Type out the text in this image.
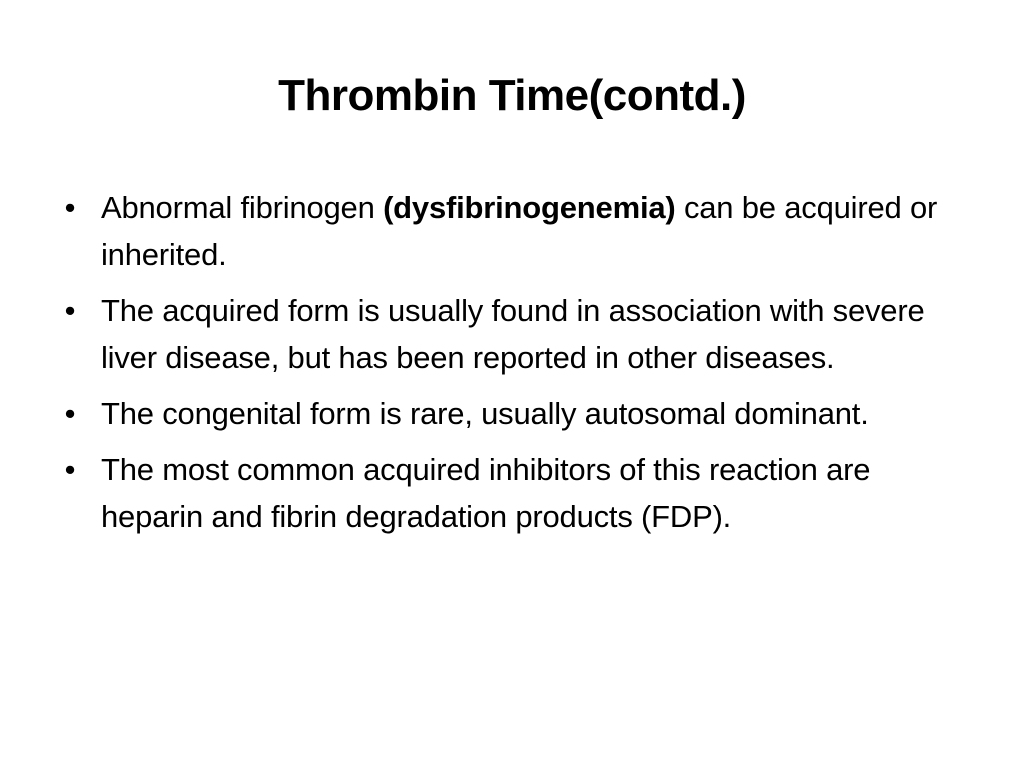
Thrombin Time(contd.)
• Abnormal fibrinogen (dysfibrinogenemia) can be acquired or inherited.
• The acquired form is usually found in association with severe liver disease, but has been reported in other diseases.
• The congenital form is rare, usually autosomal dominant.
• The most common acquired inhibitors of this reaction are heparin and fibrin degradation products (FDP).
